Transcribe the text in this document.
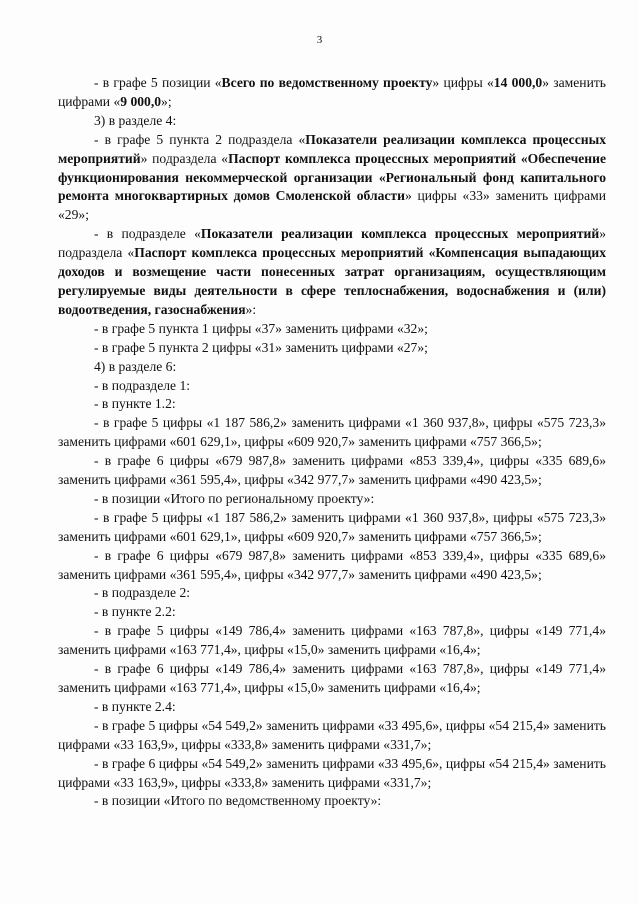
3

- в графе 5 позиции «Всего по ведомственному проекту» цифры «14 000,0» заменить цифрами «9 000,0»;

3) в разделе 4:

- в графе 5 пункта 2 подраздела «Показатели реализации комплекса процессных мероприятий» подраздела «Паспорт комплекса процессных мероприятий «Обеспечение функционирования некоммерческой организации «Региональный фонд капитального ремонта многоквартирных домов Смоленской области» цифры «33» заменить цифрами «29»;

- в подразделе «Показатели реализации комплекса процессных мероприятий» подраздела «Паспорт комплекса процессных мероприятий «Компенсация выпадающих доходов и возмещение части понесенных затрат организациям, осуществляющим регулируемые виды деятельности в сфере теплоснабжения, водоснабжения и (или) водоотведения, газоснабжения»:

- в графе 5 пункта 1 цифры «37» заменить цифрами «32»;

- в графе 5 пункта 2 цифры «31» заменить цифрами «27»;

4) в разделе 6:

- в подразделе 1:

- в пункте 1.2:

- в графе 5 цифры «1 187 586,2» заменить цифрами «1 360 937,8», цифры «575 723,3» заменить цифрами «601 629,1», цифры «609 920,7» заменить цифрами «757 366,5»;

- в графе 6 цифры «679 987,8» заменить цифрами «853 339,4», цифры «335 689,6» заменить цифрами «361 595,4», цифры «342 977,7» заменить цифрами «490 423,5»;

- в позиции «Итого по региональному проекту»:

- в графе 5 цифры «1 187 586,2» заменить цифрами «1 360 937,8», цифры «575 723,3» заменить цифрами «601 629,1», цифры «609 920,7» заменить цифрами «757 366,5»;

- в графе 6 цифры «679 987,8» заменить цифрами «853 339,4», цифры «335 689,6» заменить цифрами «361 595,4», цифры «342 977,7» заменить цифрами «490 423,5»;

- в подразделе 2:

- в пункте 2.2:

- в графе 5 цифры «149 786,4» заменить цифрами «163 787,8», цифры «149 771,4» заменить цифрами «163 771,4», цифры «15,0» заменить цифрами «16,4»;

- в графе 6 цифры «149 786,4» заменить цифрами «163 787,8», цифры «149 771,4» заменить цифрами «163 771,4», цифры «15,0» заменить цифрами «16,4»;

- в пункте 2.4:

- в графе 5 цифры «54 549,2» заменить цифрами «33 495,6», цифры «54 215,4» заменить цифрами «33 163,9», цифры «333,8» заменить цифрами «331,7»;

- в графе 6 цифры «54 549,2» заменить цифрами «33 495,6», цифры «54 215,4» заменить цифрами «33 163,9», цифры «333,8» заменить цифрами «331,7»;

- в позиции «Итого по ведомственному проекту»:
